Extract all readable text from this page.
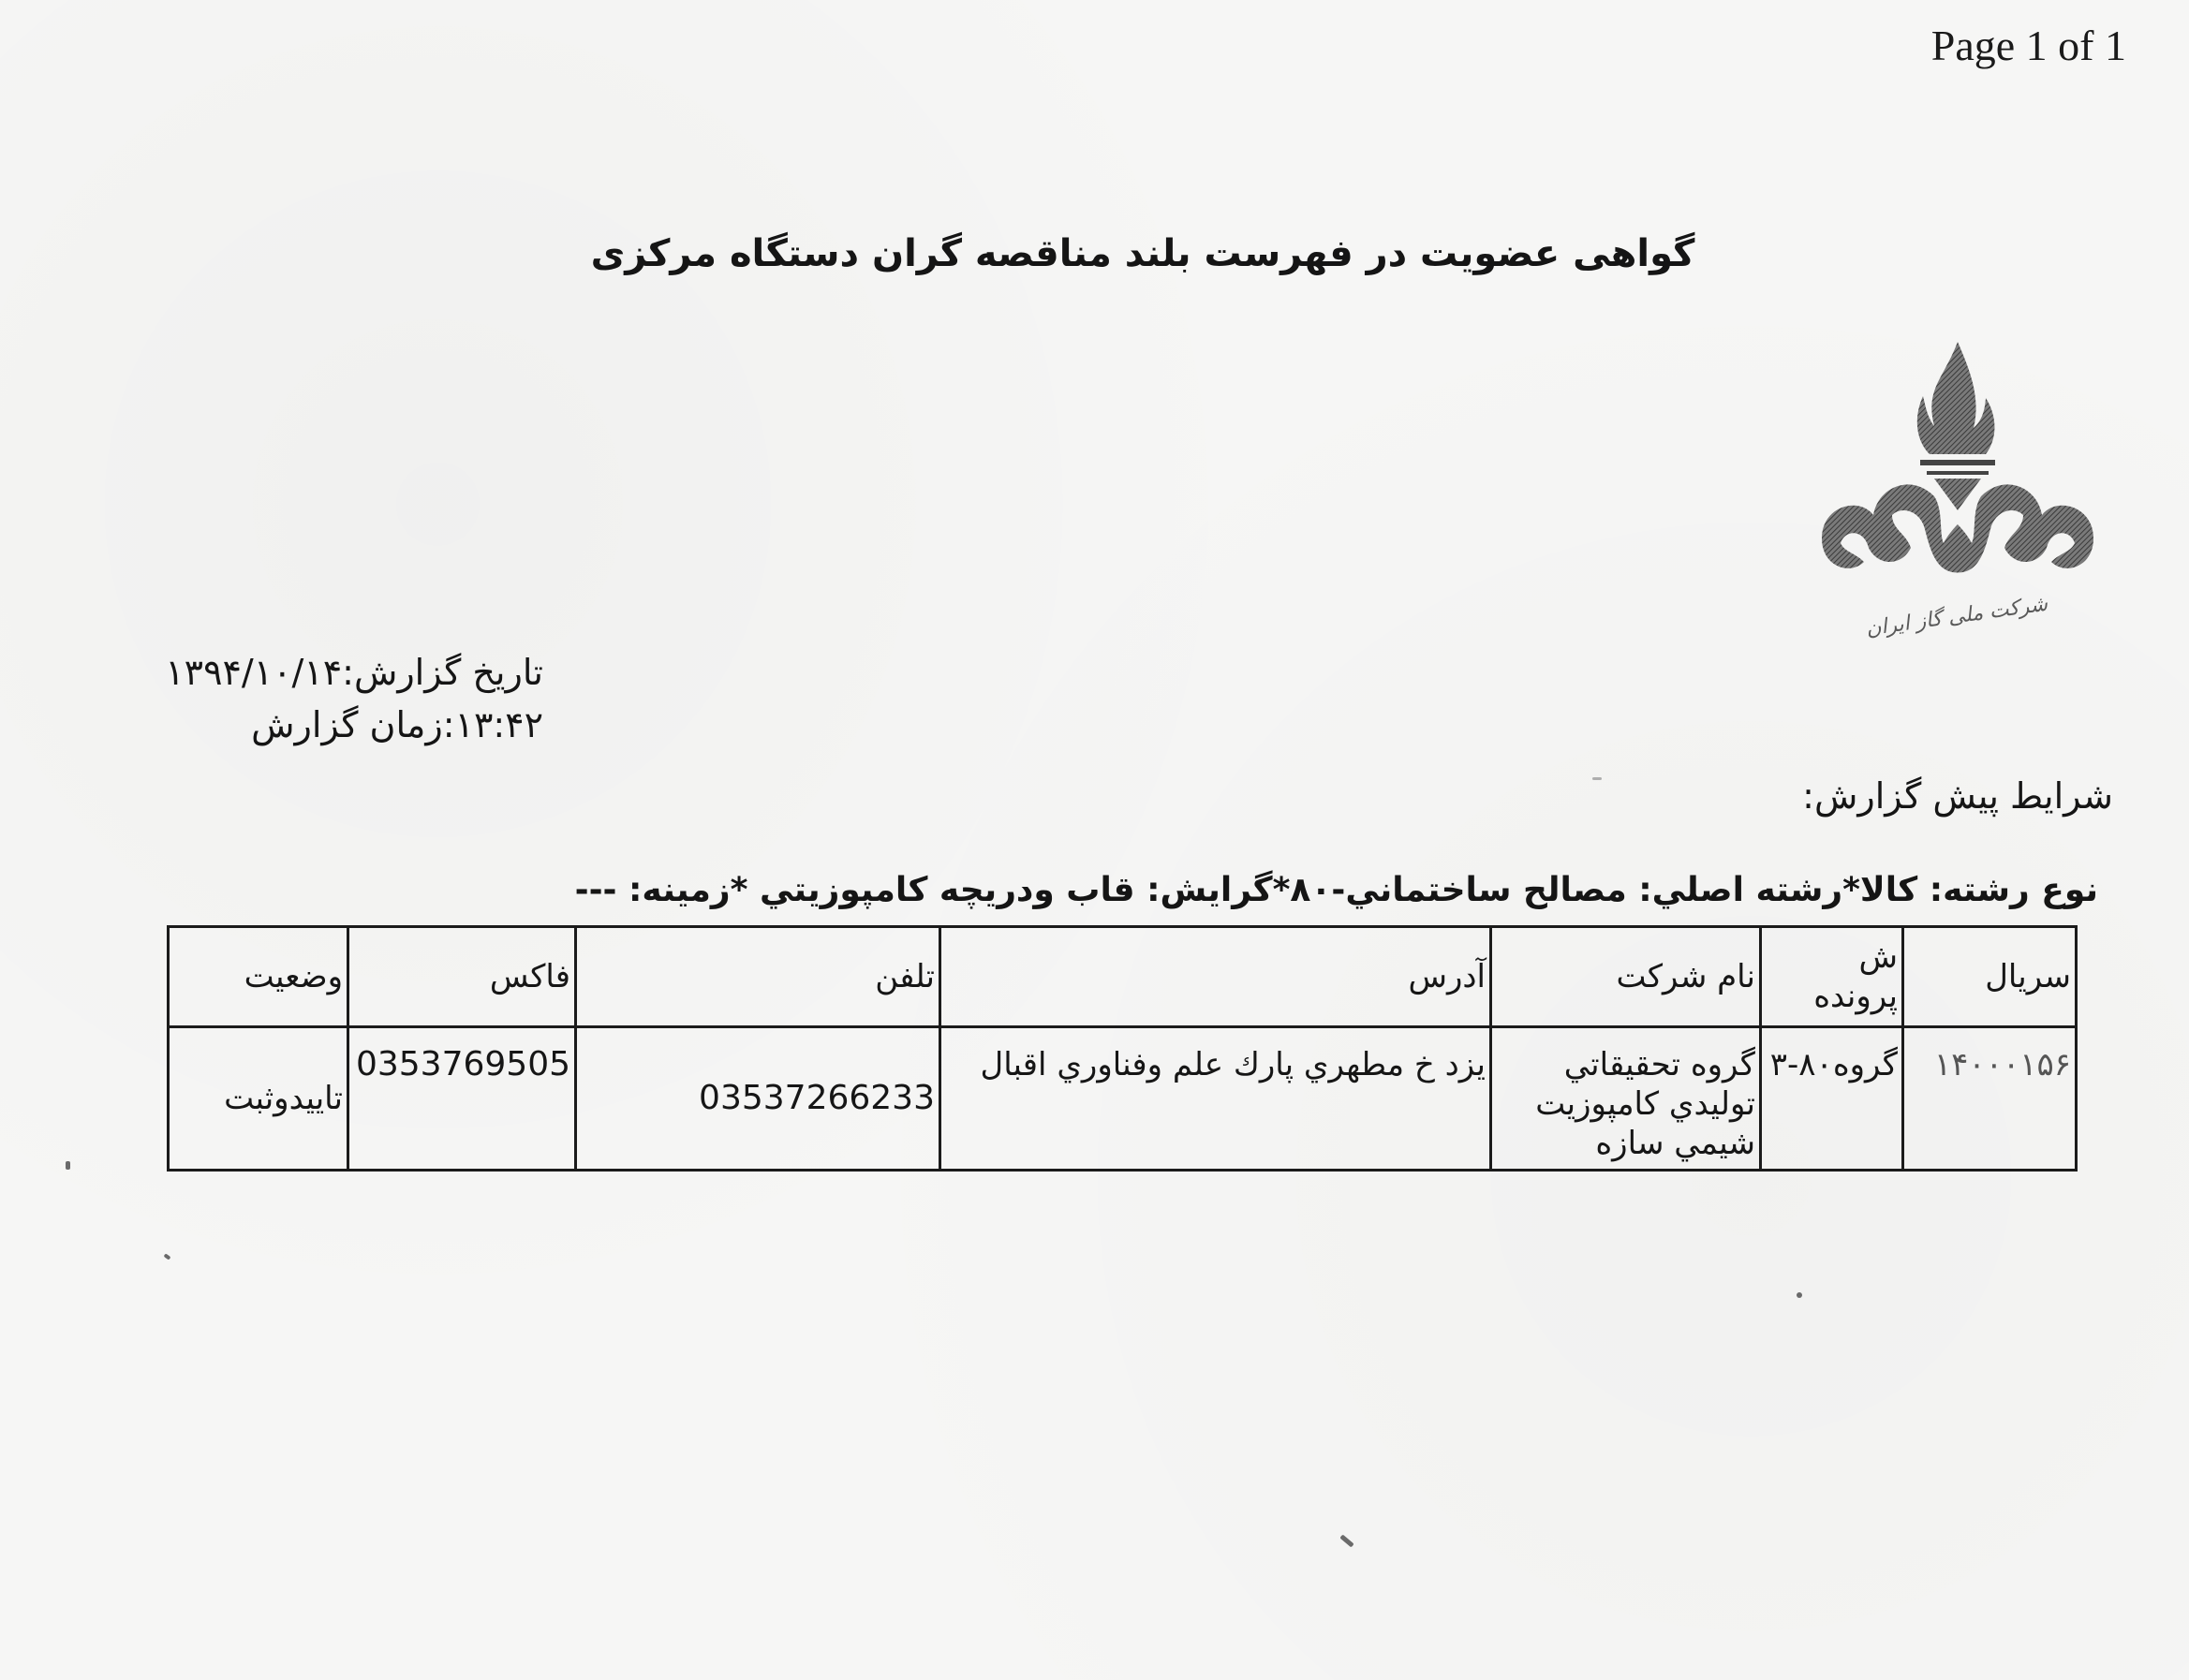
Page 1 of 1
گواهی عضویت در فهرست بلند مناقصه گران دستگاه مرکزی
شرکت ملی گاز ایران
تاریخ گزارش:۱۳۹۴/۱۰/۱۴
۱۳:۴۲:زمان گزارش
شرایط پیش گزارش:
نوع رشته: کالا*رشته اصلي: مصالح ساختماني-۸۰*گرایش: قاب ودریچه کامپوزيتي *زمینه: ---
سریال	ش پرونده	نام شرکت	آدرس	تلفن	فاکس	وضعیت
۱۴۰۰۰۱۵۶	گروه۸۰-۳	گروه تحقیقاتي توليدي کامپوزيت شيمي سازه	يزد خ مطهري پارك علم وفناوري اقبال	03537266233	0353769505	تاييدوثبت
